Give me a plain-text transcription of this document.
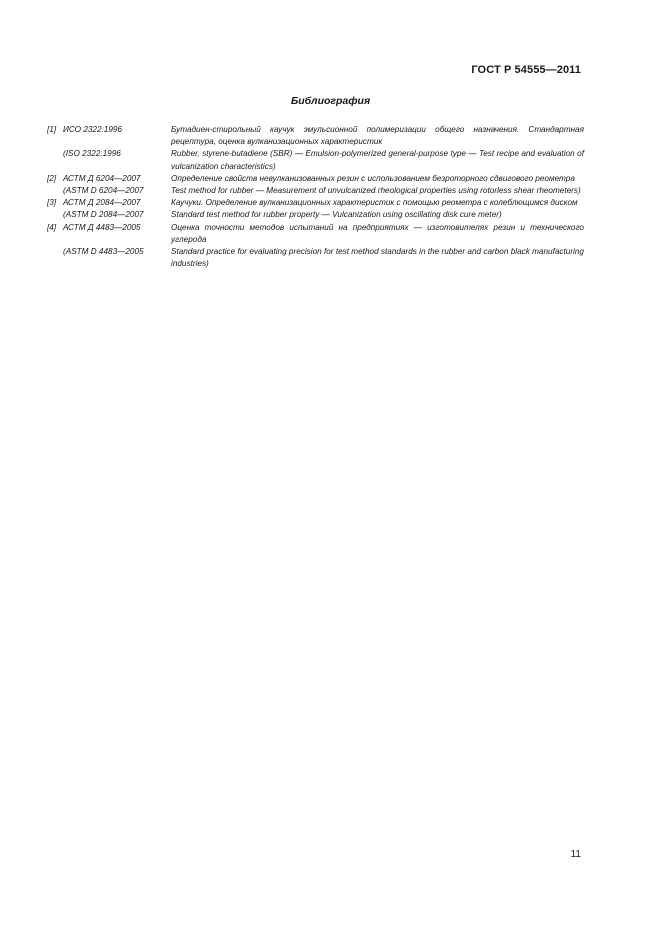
ГОСТ Р 54555—2011
Библиография
[1] ИСО 2322:1996	Бутадиен-стирольный каучук эмульсионной полимеризации общего назначения. Стандартная рецептура, оценка вулканизационных характеристик
(ISO 2322:1996	Rubber, styrene-butadiene (SBR) — Emulsion-polymerized general-purpose type — Test recipe and evaluation of vulcanization characteristics)
[2] АСТМ Д 6204—2007	Определение свойств невулканизованных резин с использованием безроторного сдвигового реометра
(ASTM D 6204—2007	Test method for rubber — Measurement of unvulcanized rheological properties using rotorless shear rheometers)
[3] АСТМ Д 2084—2007	Каучуки. Определение вулканизационных характеристик с помощью реометра с колеблющимся диском
(ASTM D 2084—2007	Standard test method for rubber property — Vulcanization using oscillating disk cure meter)
[4] АСТМ Д 4483—2005	Оценка точности методов испытаний на предприятиях — изготовителях резин и технического углерода
(ASTM D 4483—2005	Standard practice for evaluating precision for test method standards in the rubber and carbon black manufacturing industries)
11
